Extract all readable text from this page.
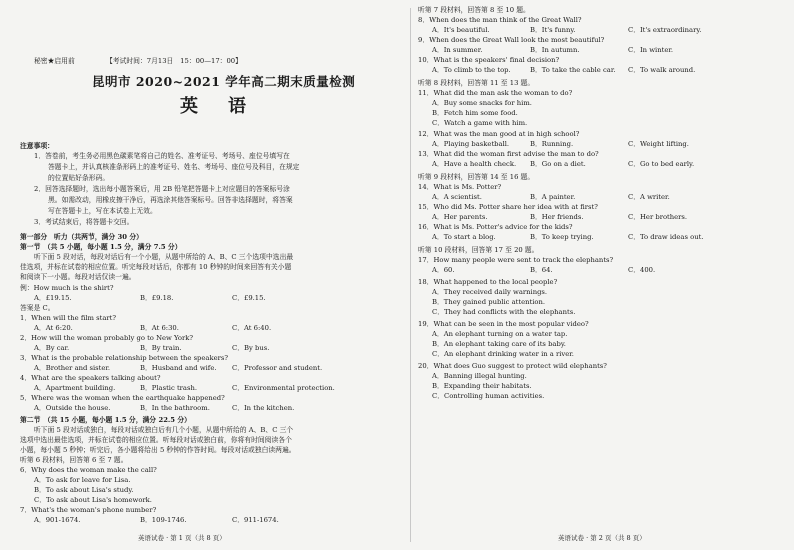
秘密★启用前	【考试时间：7月13日　15：00—17：00】
昆明市 2020~2021 学年高二期末质量检测
英　语
注意事项：
1．答卷前，考生务必用黑色碳素笔将自己的姓名、准考证号、考场号、座位号填写在
答题卡上，并认真核准条形码上的准考证号、姓名、考场号、座位号及科目，在规定
的位置贴好条形码。
2．回答选择题时，选出每小题答案后，用 2B 铅笔把答题卡上对应题目的答案标号涂
黑。如需改动，用橡皮擦干净后，再选涂其他答案标号。回答非选择题时，将答案
写在答题卡上，写在本试卷上无效。
3．考试结束后，将答题卡交回。
第一部分　听力（共两节，满分 30 分）
第一节　（共 5 小题，每小题 1.5 分，满分 7.5 分）
听下面 5 段对话，每段对话后有一个小题，从题中所给的 A、B、C 三个选项中选出最
佳选项，并标在试卷的相应位置。听完每段对话后，你都有 10 秒钟的时间来回答有关小题
和阅读下一小题。每段对话仅读一遍。
例：How much is the shirt?
A．£19.15.	B．£9.18.	C．£9.15.
答案是 C。
1．When will the film start?
A．At 6:20.	B．At 6:30.	C．At 6:40.
2．How will the woman probably go to New York?
A．By car.	B．By train.	C．By bus.
3．What is the probable relationship between the speakers?
A．Brother and sister.	B．Husband and wife. C．Professor and student.
4．What are the speakers talking about?
A．Apartment building.	B．Plastic trash.	C．Environmental protection.
5．Where was the woman when the earthquake happened?
A．Outside the house.	B．In the bathroom.	C．In the kitchen.
第二节　（共 15 小题，每小题 1.5 分，满分 22.5 分）
听下面 5 段对话或独白，每段对话或独白后有几个小题，从题中所给的 A、B、C 三个
选项中选出最佳选项，并标在试卷的相应位置。听每段对话或独白前，你将有时间阅读各个
小题，每小题 5 秒钟；听完后，各小题将给出 5 秒钟的作答时间。每段对话或独白读两遍。
听第 6 段材料，回答第 6 至 7 题。
6．Why does the woman make the call?
A．To ask for leave for Lisa.
B．To ask about Lisa's study.
C．To ask about Lisa's homework.
7．What's the woman's phone number?
A．901-1674.	B．109-1746.	C．911-1674.
英语试卷 · 第 1 页（共 8 页）
听第 7 段材料，回答第 8 至 10 题。
8．When does the man think of the Great Wall?
A．It's beautiful.	B．It's funny.	C．It's extraordinary.
9．When does the Great Wall look the most beautiful?
A．In summer.	B．In autumn.	C．In winter.
10．What is the speakers' final decision?
A．To climb to the top.	B．To take the cable car. C．To walk around.
听第 8 段材料，回答第 11 至 13 题。
11．What did the man ask the woman to do?
A．Buy some snacks for him.
B．Fetch him some food.
C．Watch a game with him.
12．What was the man good at in high school?
A．Playing basketball.	B．Running.	C．Weight lifting.
13．What did the woman first advise the man to do?
A．Have a health check. B．Go on a diet.	C．Go to bed early.
听第 9 段材料，回答第 14 至 16 题。
14．What is Ms. Potter?
A．A scientist.	B．A painter.	C．A writer.
15．Who did Ms. Potter share her idea with at first?
A．Her parents.	B．Her friends.	C．Her brothers.
16．What is Ms. Potter's advice for the kids?
A．To start a blog.	B．To keep trying.	C．To draw ideas out.
听第 10 段材料，回答第 17 至 20 题。
17．How many people were sent to track the elephants?
A．60.	B．64.	C．400.
18．What happened to the local people?
A．They received daily warnings.
B．They gained public attention.
C．They had conflicts with the elephants.
19．What can be seen in the most popular video?
A．An elephant turning on a water tap.
B．An elephant taking care of its baby.
C．An elephant drinking water in a river.
20．What does Guo suggest to protect wild elephants?
A．Banning illegal hunting.
B．Expanding their habitats.
C．Controlling human activities.
英语试卷 · 第 2 页（共 8 页）
